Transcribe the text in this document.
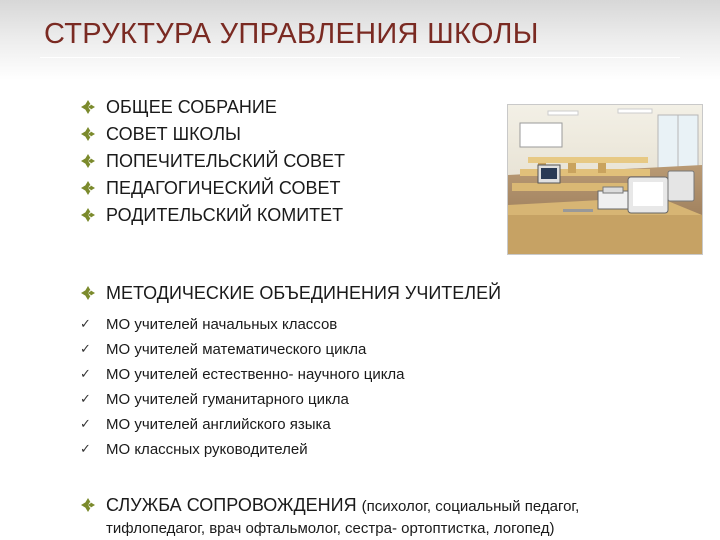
СТРУКТУРА УПРАВЛЕНИЯ ШКОЛЫ
ОБЩЕЕ СОБРАНИЕ
СОВЕТ ШКОЛЫ
ПОПЕЧИТЕЛЬСКИЙ СОВЕТ
ПЕДАГОГИЧЕСКИЙ СОВЕТ
РОДИТЕЛЬСКИЙ КОМИТЕТ
МЕТОДИЧЕСКИЕ ОБЪЕДИНЕНИЯ УЧИТЕЛЕЙ
✓ МО учителей начальных классов
✓ МО учителей математического цикла
✓ МО учителей естественно- научного цикла
✓ МО учителей гуманитарного цикла
✓ МО учителей английского языка
✓ МО классных руководителей
СЛУЖБА СОПРОВОЖДЕНИЯ (психолог, социальный педагог,
тифлопедагог, врач офтальмолог, сестра- ортоптистка, логопед)
